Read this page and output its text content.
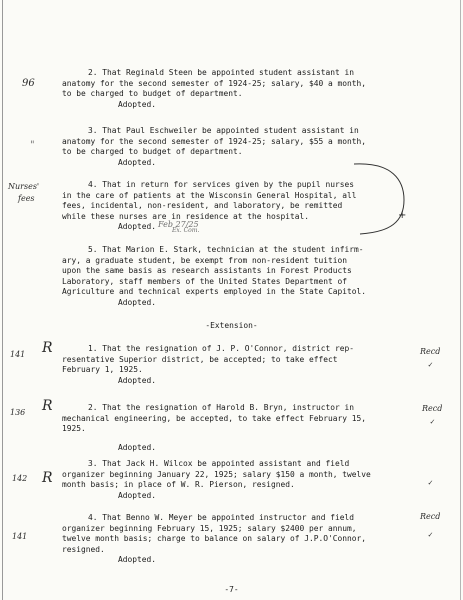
2. That Reginald Steen be appointed student assistant in
anatomy for the second semester of 1924-25; salary, $40 a month,
to be charged to budget of department.
Adopted.
3. That Paul Eschweiler be appointed student assistant in
anatomy for the second semester of 1924-25; salary, $55 a month,
to be charged to budget of department.
Adopted.
4. That in return for services given by the pupil nurses
in the care of patients at the Wisconsin General Hospital, all
fees, incidental, non-resident, and laboratory, be remitted
while these nurses are in residence at the hospital.
Adopted.
5. That Marion E. Stark, technician at the student infirm-
ary, a graduate student, be exempt from non-resident tuition
upon the same basis as research assistants in Forest Products
Laboratory, staff members of the United States Department of
Agriculture and technical experts employed in the State Capitol.
Adopted.
-Extension-
1. That the resignation of J. P. O'Connor, district rep-
resentative Superior district, be accepted; to take effect
February 1, 1925.
Adopted.
2. That the resignation of Harold B. Bryn, instructor in
mechanical engineering, be accepted, to take effect February 15,
1925.
Adopted.
3. That Jack H. Wilcox be appointed assistant and field
organizer beginning January 22, 1925; salary $150 a month, twelve
month basis; in place of W. R. Pierson, resigned.
Adopted.
4. That Benno W. Meyer be appointed instructor and field
organizer beginning February 15, 1925; salary $2400 per annum,
twelve month basis; charge to balance on salary of J.P.O'Connor,
resigned.
Adopted.
-7-
96
"
Nurses'
fees
Feb 27/25
Ex. Com.
+
141 R	Recd
✓
136 R	Recd
✓
142 R	✓
141
Recd
✓
